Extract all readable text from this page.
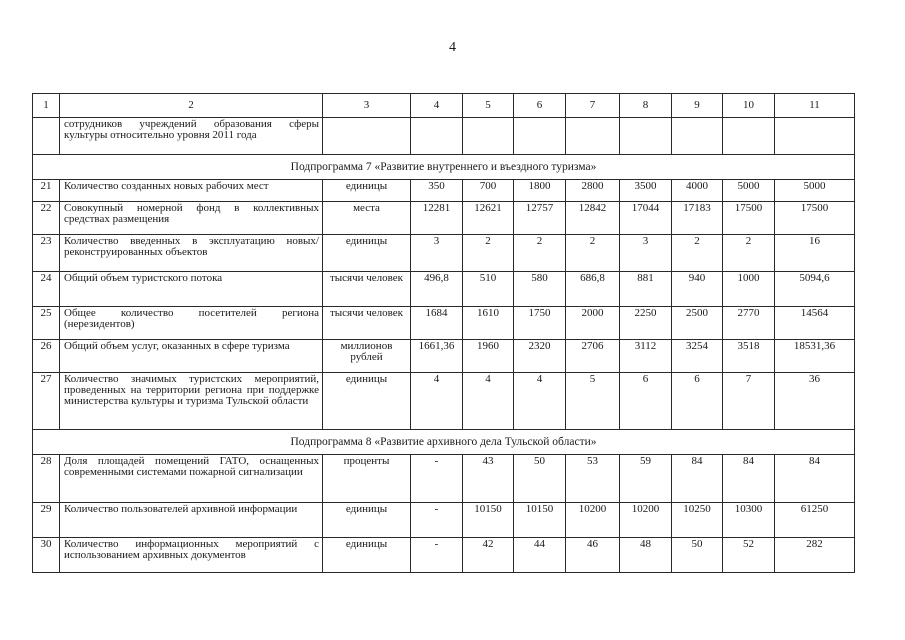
4
1	2	3	4	5	6	7	8	9	10	11
	сотрудников учреждений образования сферы культуры относительно уровня 2011 года									
Подпрограмма 7 «Развитие внутреннего и въездного туризма»										
21	Количество созданных новых рабочих мест	единицы	350	700	1800	2800	3500	4000	5000	5000
22	Совокупный номерной фонд в коллективных средствах размещения	места	12281	12621	12757	12842	17044	17183	17500	17500
23	Количество введенных в эксплуатацию новых/реконструированных объектов	единицы	3	2	2	2	3	2	2	16
24	Общий объем туристского потока	тысячи человек	496,8	510	580	686,8	881	940	1000	5094,6
25	Общее количество посетителей региона (нерезидентов)	тысячи человек	1684	1610	1750	2000	2250	2500	2770	14564
26	Общий объем услуг, оказанных в сфере туризма	миллионов рублей	1661,36	1960	2320	2706	3112	3254	3518	18531,36
27	Количество значимых туристских мероприятий, проведенных на территории региона при поддержке министерства культуры и туризма Тульской области	единицы	4	4	4	5	6	6	7	36
Подпрограмма 8 «Развитие архивного дела Тульской области»										
28	Доля площадей помещений ГАТО, оснащенных современными системами пожарной сигнализации	проценты	-	43	50	53	59	84	84	84
29	Количество пользователей архивной информации	единицы	-	10150	10150	10200	10200	10250	10300	61250
30	Количество информационных мероприятий с использованием архивных документов	единицы	-	42	44	46	48	50	52	282
